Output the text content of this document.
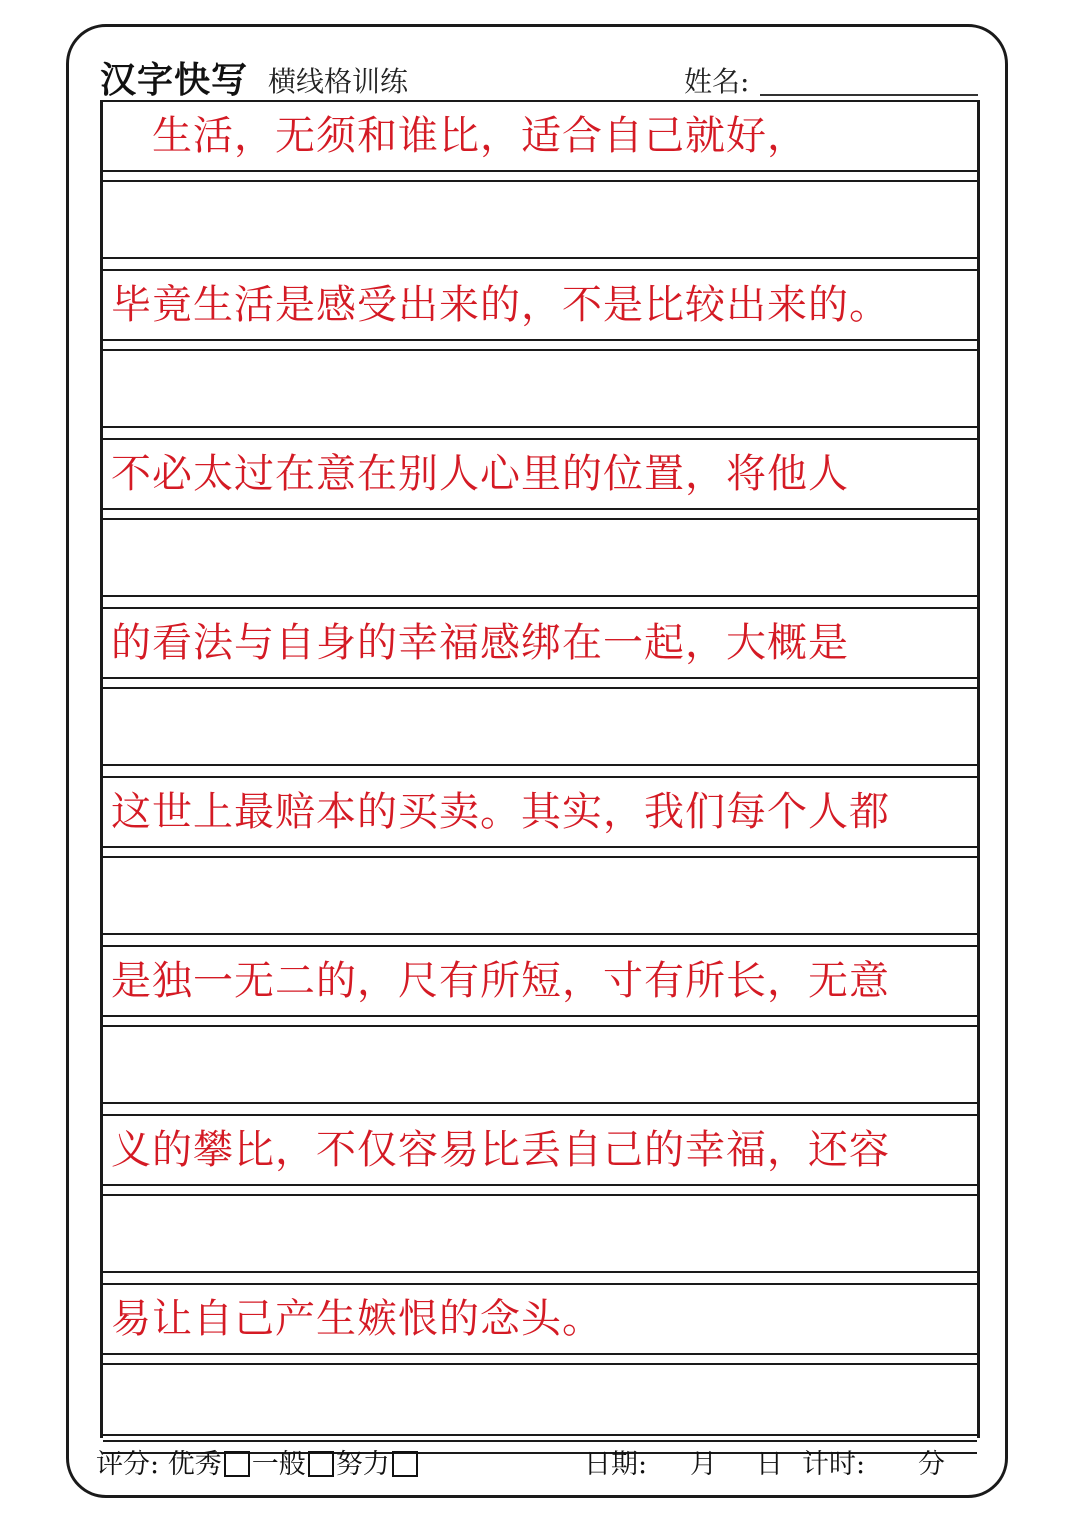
汉字快写 横线格训练	姓名:
　生活，无须和谁比，适合自己就好，
毕竟生活是感受出来的，不是比较出来的。
不必太过在意在别人心里的位置，将他人
的看法与自身的幸福感绑在一起，大概是
这世上最赔本的买卖。其实，我们每个人都
是独一无二的，尺有所短，寸有所长，无意
义的攀比，不仅容易比丢自己的幸福，还容
易让自己产生嫉恨的念头。
评分: 优秀 一般 努力	日期: 月 日 计时: 分
